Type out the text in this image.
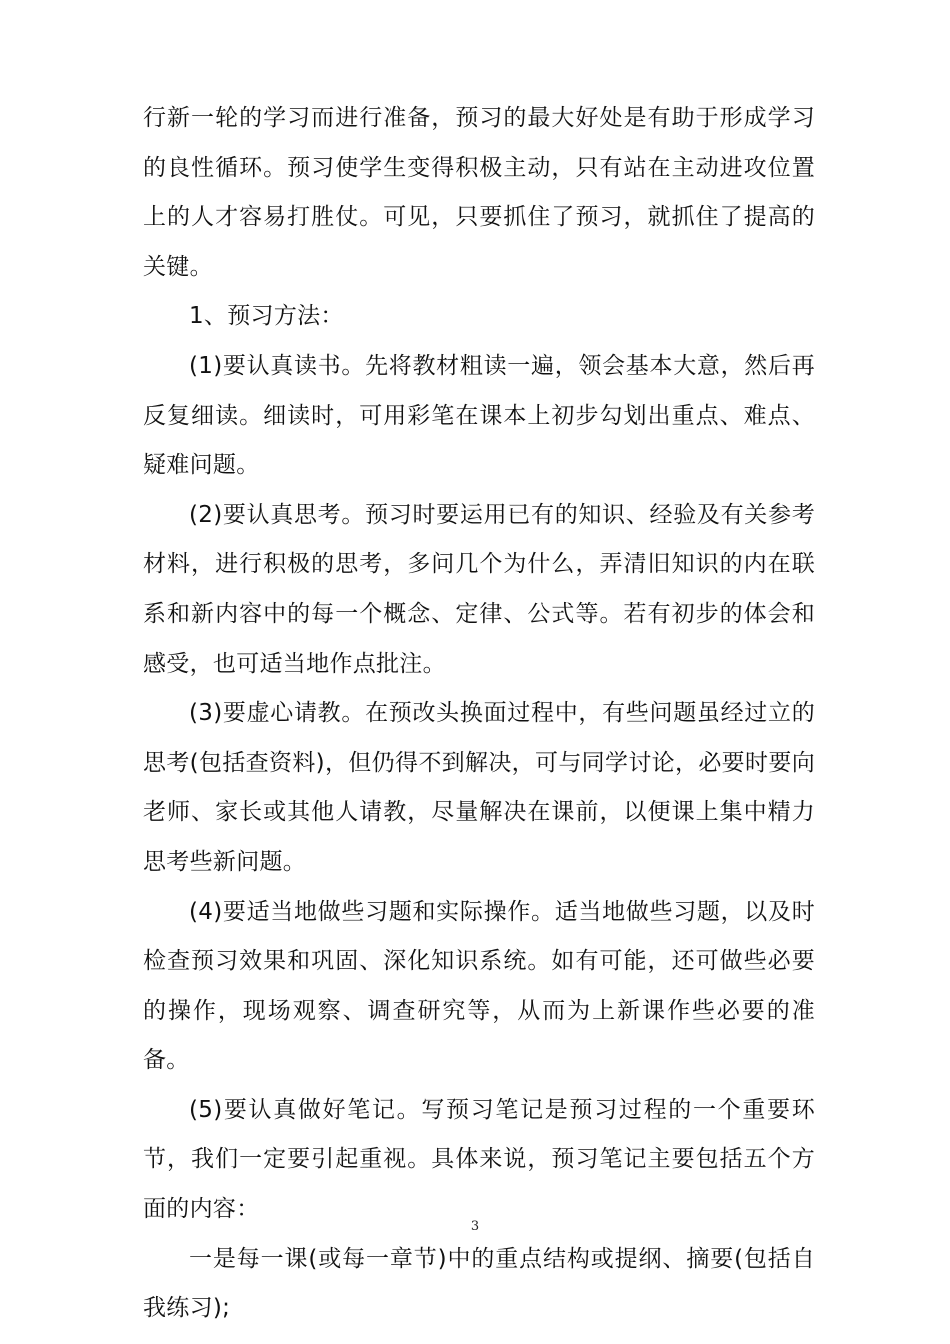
行新一轮的学习而进行准备，预习的最大好处是有助于形成学习的良性循环。预习使学生变得积极主动，只有站在主动进攻位置上的人才容易打胜仗。可见，只要抓住了预习，就抓住了提高的关键。

1、预习方法：

(1)要认真读书。先将教材粗读一遍，领会基本大意，然后再反复细读。细读时，可用彩笔在课本上初步勾划出重点、难点、疑难问题。

(2)要认真思考。预习时要运用已有的知识、经验及有关参考材料，进行积极的思考，多问几个为什么，弄清旧知识的内在联系和新内容中的每一个概念、定律、公式等。若有初步的体会和感受，也可适当地作点批注。

(3)要虚心请教。在预改头换面过程中，有些问题虽经过立的思考(包括查资料)，但仍得不到解决，可与同学讨论，必要时要向老师、家长或其他人请教，尽量解决在课前，以便课上集中精力思考些新问题。

(4)要适当地做些习题和实际操作。适当地做些习题，以及时检查预习效果和巩固、深化知识系统。如有可能，还可做些必要的操作，现场观察、调查研究等，从而为上新课作些必要的准备。

(5)要认真做好笔记。写预习笔记是预习过程的一个重要环节，我们一定要引起重视。具体来说，预习笔记主要包括五个方面的内容：

一是每一课(或每一章节)中的重点结构或提纲、摘要(包括自我练习);

3
